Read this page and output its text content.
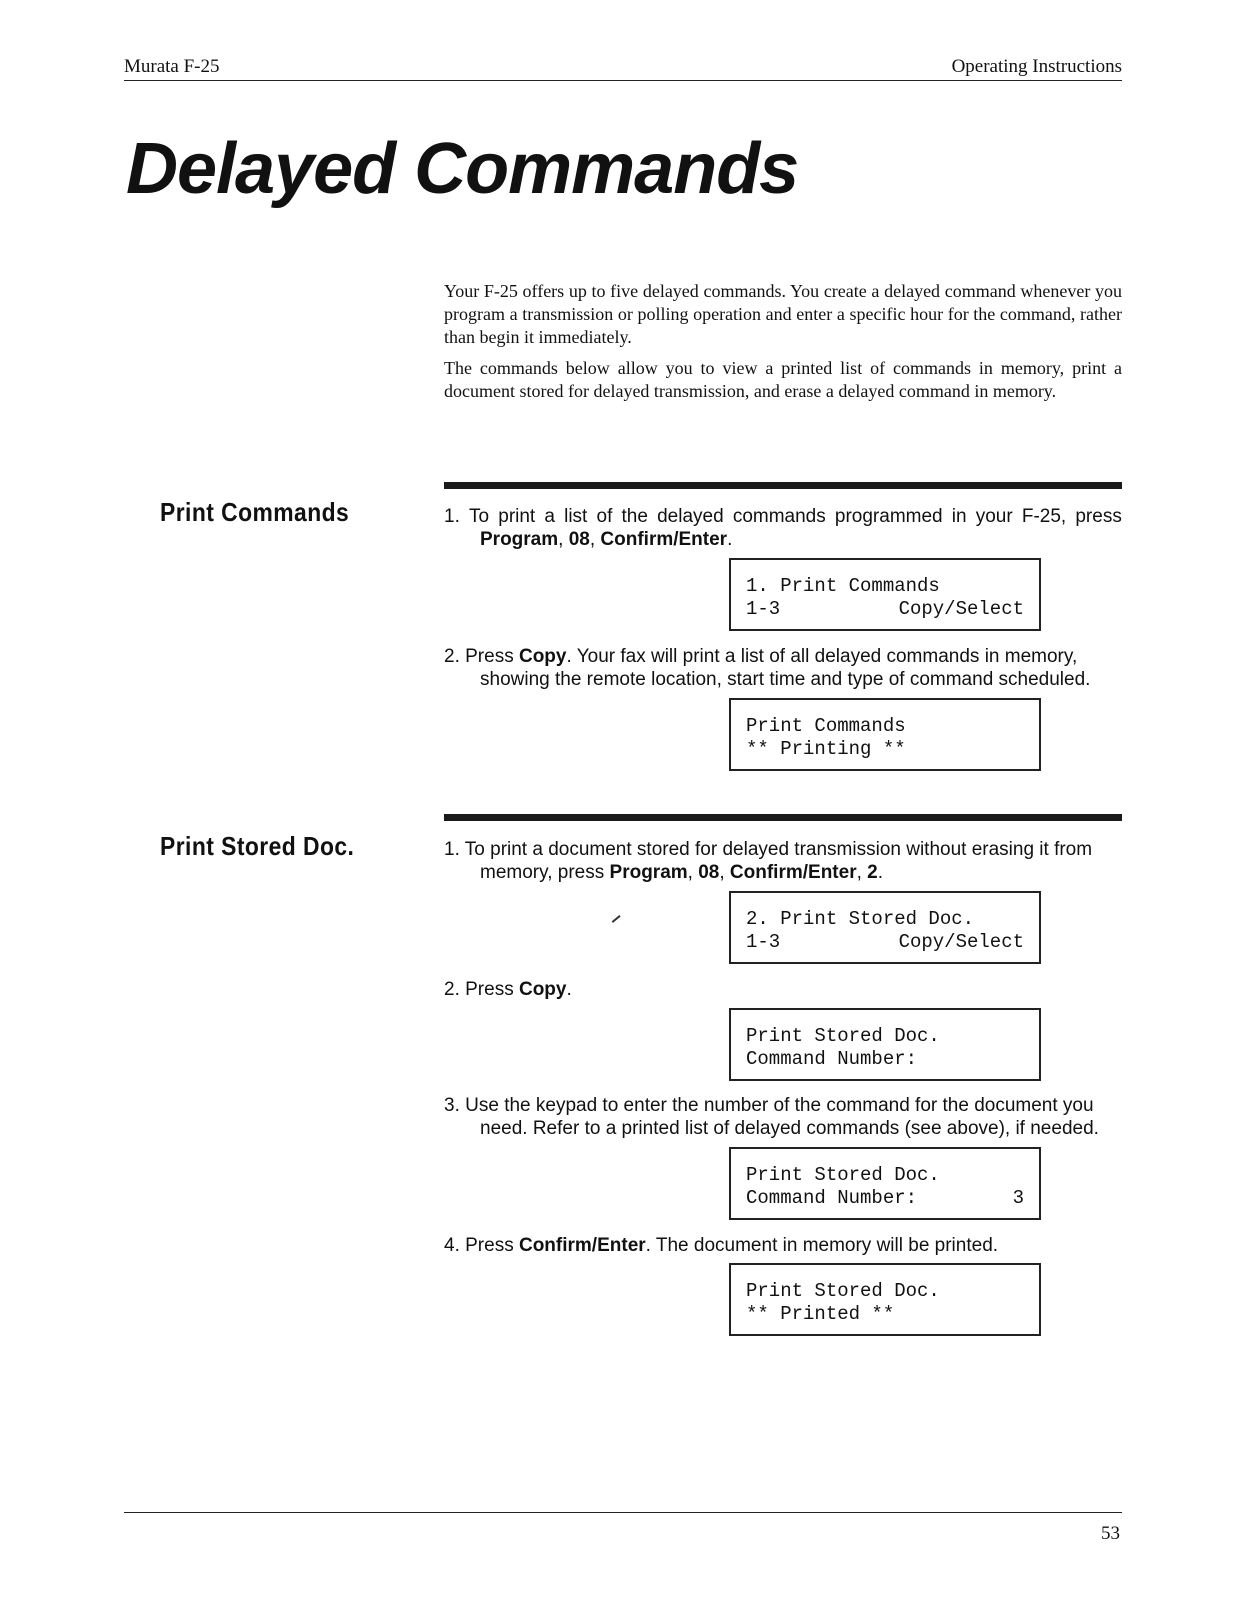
Murata F-25	Operating Instructions
Delayed Commands
Your F-25 offers up to five delayed commands. You create a delayed command whenever you program a transmission or polling operation and enter a specific hour for the command, rather than begin it immediately.
The commands below allow you to view a printed list of commands in memory, print a document stored for delayed transmission, and erase a delayed command in memory.
Print Commands	1. To print a list of the delayed commands programmed in your F-25, press
Program, 08, Confirm/Enter.
1. Print Commands
1-3	Copy/Select
2. Press Copy. Your fax will print a list of all delayed commands in memory,
showing the remote location, start time and type of command scheduled.
Print Commands
** Printing **
Print Stored Doc.	1. To print a document stored for delayed transmission without erasing it from
memory, press Program, 08, Confirm/Enter, 2.
2. Print Stored Doc.
1-3	Copy/Select
2. Press Copy.
Print Stored Doc.
Command Number:
3. Use the keypad to enter the number of the command for the document you
need. Refer to a printed list of delayed commands (see above), if needed.
Print Stored Doc.
Command Number:	3
4. Press Confirm/Enter. The document in memory will be printed.
Print Stored Doc.
** Printed **
53
